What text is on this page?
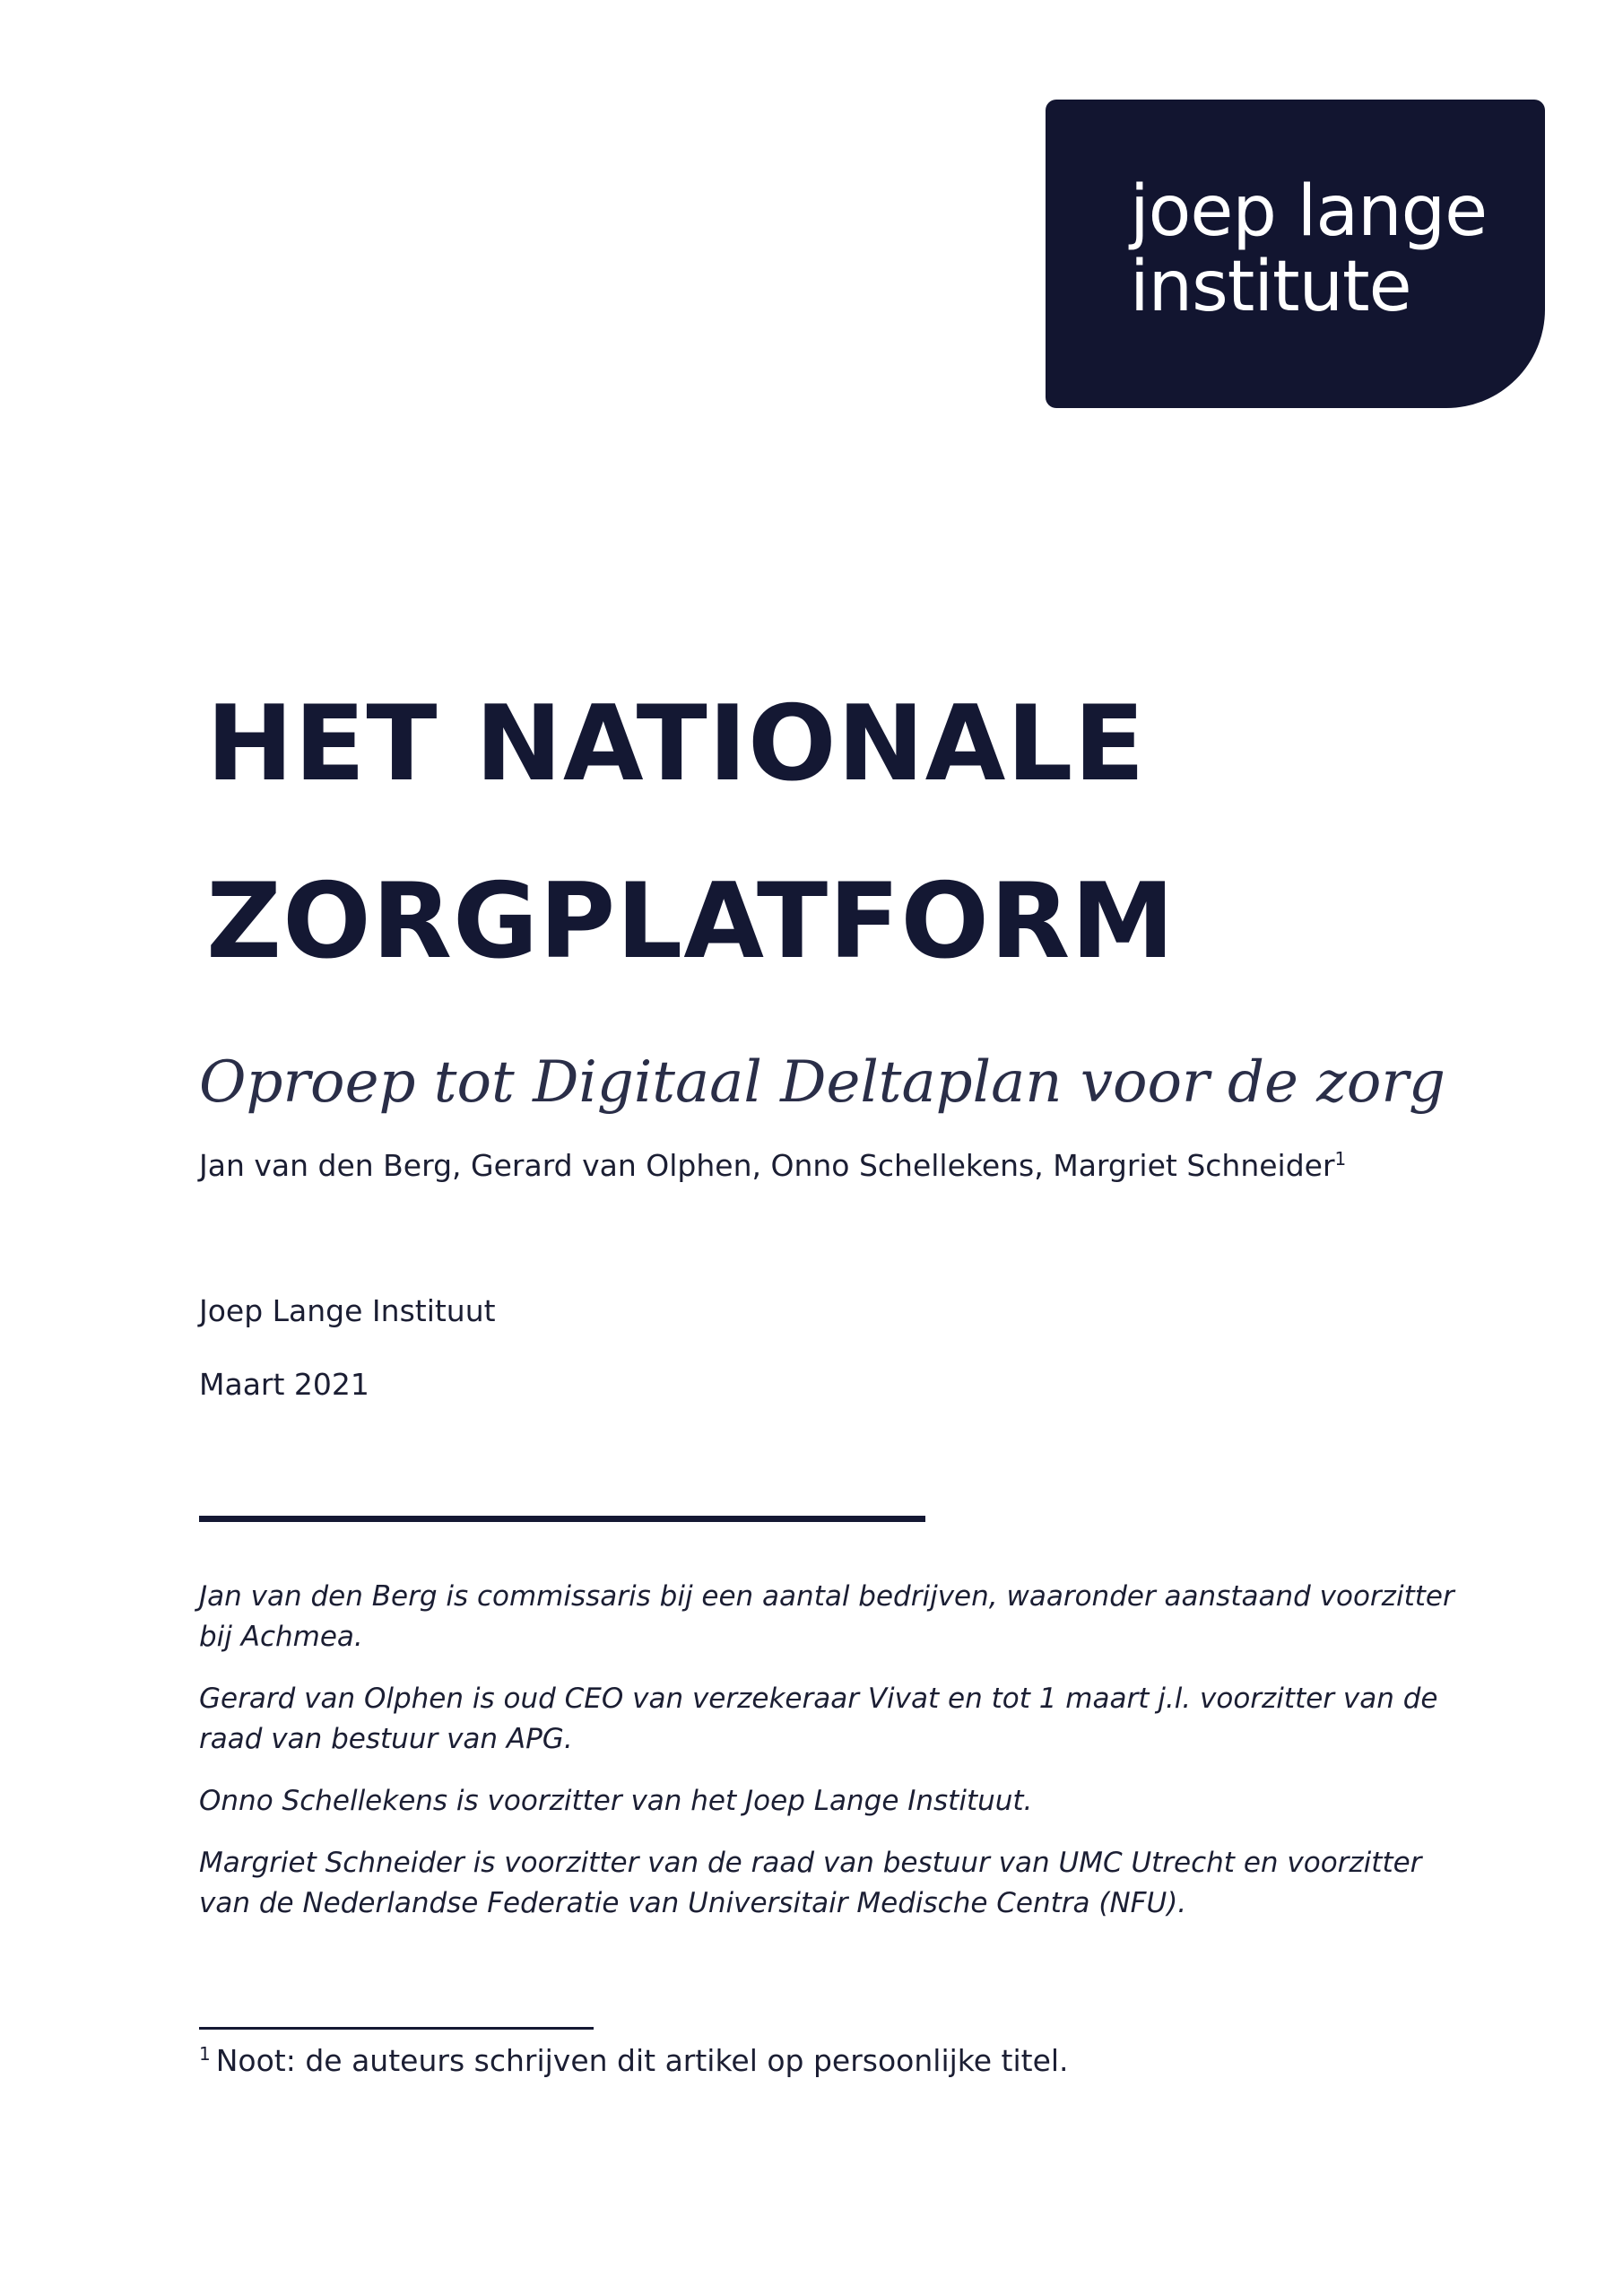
joep lange
institute
HET NATIONALE
ZORGPLATFORM
Oproep tot Digitaal Deltaplan voor de zorg
Jan van den Berg, Gerard van Olphen, Onno Schellekens, Margriet Schneider$^1$
Joep Lange Instituut
Maart 2021

Jan van den Berg is commissaris bij een aantal bedrijven, waaronder aanstaand voorzitter bij Achmea.

Gerard van Olphen is oud CEO van verzekeraar Vivat en tot 1 maart j.l. voorzitter van de raad van bestuur van APG.

Onno Schellekens is voorzitter van het Joep Lange Instituut.

Margriet Schneider is voorzitter van de raad van bestuur van UMC Utrecht en voorzitter van de Nederlandse Federatie van Universitair Medische Centra (NFU).

$^1$ Noot: de auteurs schrijven dit artikel op persoonlijke titel.
